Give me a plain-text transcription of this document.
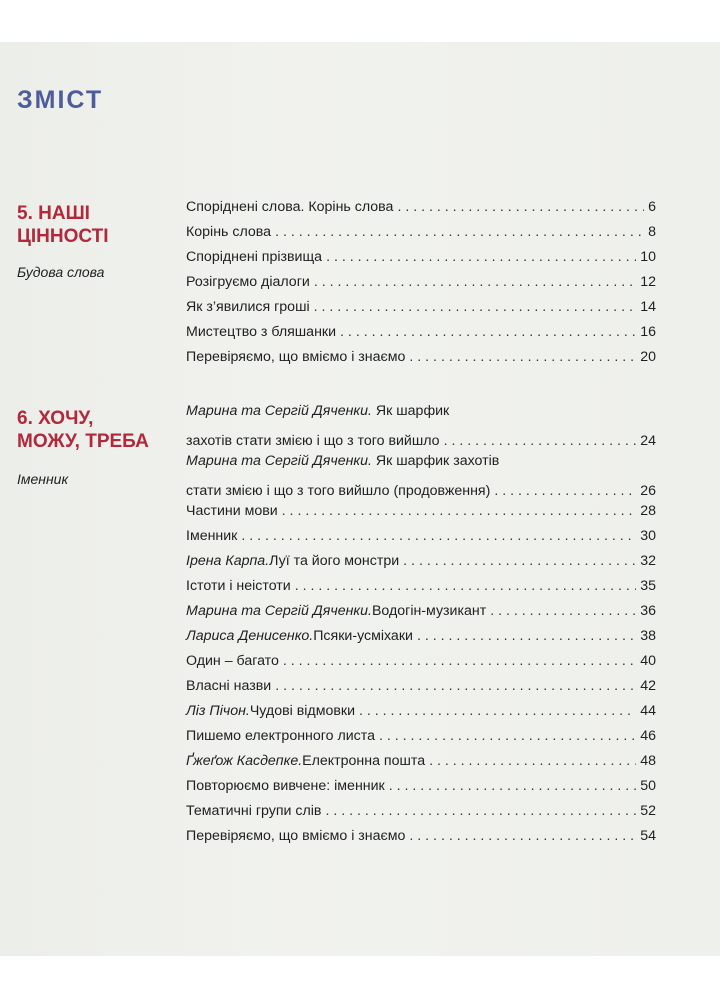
ЗМІСТ
5. НАШІ
ЦІННОСТІ
Будова слова
Споріднені слова. Корінь слова . . .	6
Корінь слова . . .	8
Споріднені прізвища . . .	10
Розігруємо діалоги . . .	12
Як з’явилися гроші . . .	14
Мистецтво з бляшанки . . .	16
Перевіряємо, що вміємо і знаємо . . .	20
6. ХОЧУ,
МОЖУ, ТРЕБА
Іменник
Марина та Сергій Дяченки. Як шарфик
захотів стати змією і що з того вийшло . . .	24
Марина та Сергій Дяченки. Як шарфик захотів
стати змією і що з того вийшло (продовження) . . .	26
Частини мови . . .	28
Іменник . . .	30
Ірена Карпа. Луї та його монстри . . .	32
Істоти і неістоти . . .	35
Марина та Сергій Дяченки. Водогін-музикант . . .	36
Лариса Денисенко. Псяки-усміхаки . . .	38
Один – багато . . .	40
Власні назви . . .	42
Ліз Пічон. Чудові відмовки . . .	44
Пишемо електронного листа . . .	46
Ґжеґож Касдепке. Електронна пошта . . .	48
Повторюємо вивчене: іменник . . .	50
Тематичні групи слів . . .	52
Перевіряємо, що вміємо і знаємо . . .	54
